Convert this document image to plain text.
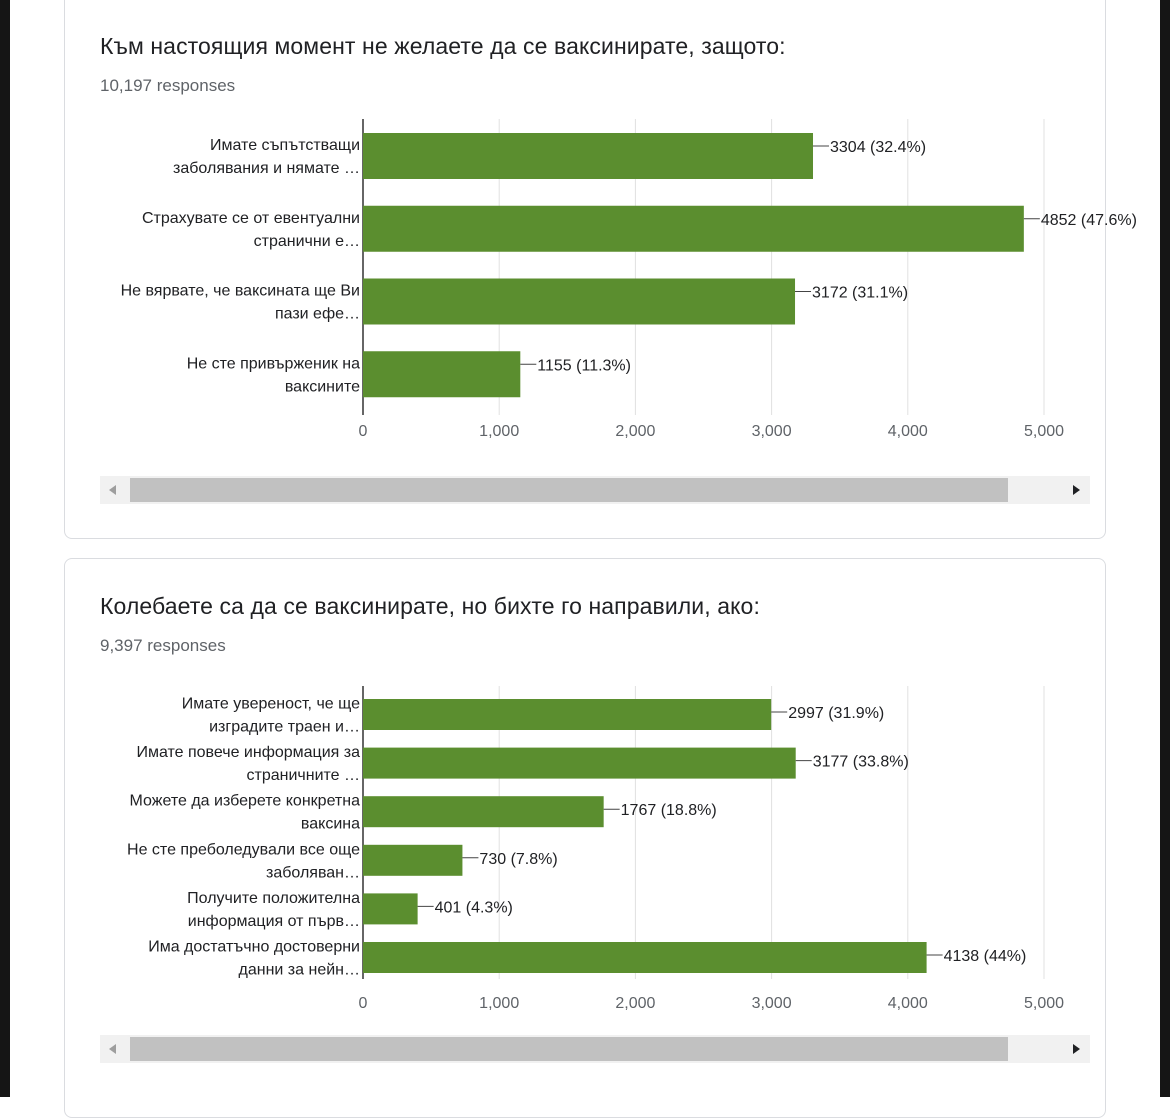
Към настоящия момент не желаете да се ваксинирате, защото:
10,197 responses
0	1,000	2,000	3,000	4,000	5,000
Имате съпътстващи
заболявания и нямате …
3304 (32.4%)
Страхувате се от евентуални
странични е…
4852 (47.6%)
Не вярвате, че ваксината ще Ви
пази ефе…
3172 (31.1%)
Не сте привърженик на
ваксините
1155 (11.3%)
Колебаете са да се ваксинирате, но бихте го направили, ако:
9,397 responses
0	1,000	2,000	3,000	4,000	5,000
Имате увереност, че ще
изградите траен и…
2997 (31.9%)
Имате повече информация за
страничните …
3177 (33.8%)
Можете да изберете конкретна
ваксина
1767 (18.8%)
Не сте преболедували все още
заболяван…
730 (7.8%)
Получите положителна
информация от първ…
401 (4.3%)
Има достатъчно достоверни
данни за нейн…
4138 (44%)
